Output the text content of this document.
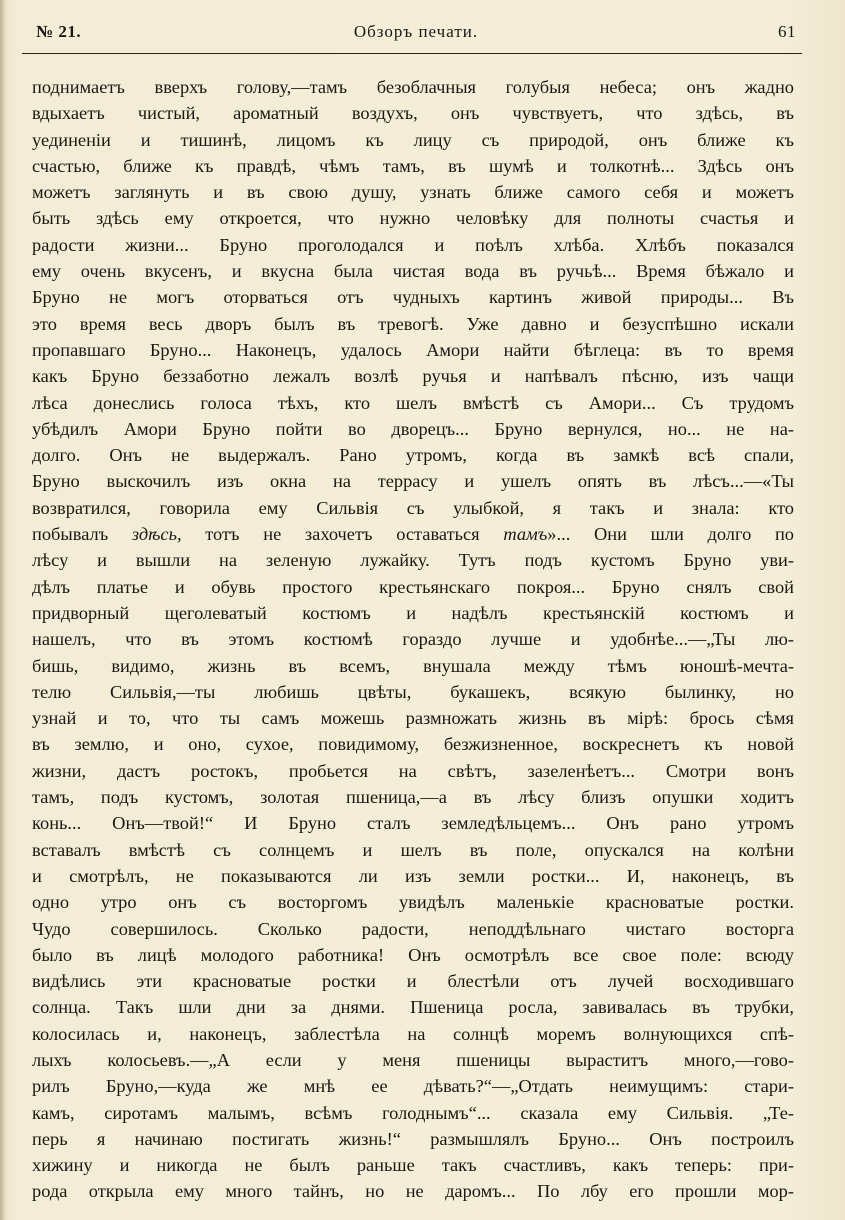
№ 21.	Обзоръ печати.	61
поднимаетъ вверхъ голову,—тамъ безоблачныя голубыя небеса; онъ жадно
вдыхаетъ чистый, ароматный воздухъ, онъ чувствуетъ, что здѣсь, въ
уединеніи и тишинѣ, лицомъ къ лицу съ природой, онъ ближе къ
счастью, ближе къ правдѣ, чѣмъ тамъ, въ шумѣ и толкотнѣ... Здѣсь онъ
можетъ заглянуть и въ свою душу, узнать ближе самого себя и можетъ
быть здѣсь ему откроется, что нужно человѣку для полноты счастья и
радости жизни... Бруно проголодался и поѣлъ хлѣба. Хлѣбъ показался
ему очень вкусенъ, и вкусна была чистая вода въ ручьѣ... Время бѣжало и
Бруно не могъ оторваться отъ чудныхъ картинъ живой природы... Въ
это время весь дворъ былъ въ тревогѣ. Уже давно и безуспѣшно искали
пропавшаго Бруно... Наконецъ, удалось Амори найти бѣглеца: въ то время
какъ Бруно беззаботно лежалъ возлѣ ручья и напѣвалъ пѣсню, изъ чащи
лѣса донеслись голоса тѣхъ, кто шелъ вмѣстѣ съ Амори... Съ трудомъ
убѣдилъ Амори Бруно пойти во дворецъ... Бруно вернулся, но... не на-
долго. Онъ не выдержалъ. Рано утромъ, когда въ замкѣ всѣ спали,
Бруно выскочилъ изъ окна на террасу и ушелъ опять въ лѣсъ...—«Ты
возвратился, говорила ему Сильвія съ улыбкой, я такъ и знала: кто
побывалъ здѣсь, тотъ не захочетъ оставаться тамъ»... Они шли долго по
лѣсу и вышли на зеленую лужайку. Тутъ подъ кустомъ Бруно уви-
дѣлъ платье и обувь простого крестьянскаго покроя... Бруно снялъ свой
придворный щеголеватый костюмъ и надѣлъ крестьянскій костюмъ и
нашелъ, что въ этомъ костюмѣ гораздо лучше и удобнѣе...—„Ты лю-
бишь, видимо, жизнь въ всемъ, внушала между тѣмъ юношѣ-мечта-
телю Сильвія,—ты любишь цвѣты, букашекъ, всякую былинку, но
узнай и то, что ты самъ можешь размножать жизнь въ мірѣ: брось сѣмя
въ землю, и оно, сухое, повидимому, безжизненное, воскреснетъ къ новой
жизни, дастъ ростокъ, пробьется на свѣтъ, зазеленѣетъ... Смотри вонъ
тамъ, подъ кустомъ, золотая пшеница,—а въ лѣсу близъ опушки ходитъ
конь... Онъ—твой!“ И Бруно сталъ земледѣльцемъ... Онъ рано утромъ
вставалъ вмѣстѣ съ солнцемъ и шелъ въ поле, опускался на колѣни
и смотрѣлъ, не показываются ли изъ земли ростки... И, наконецъ, въ
одно утро онъ съ восторгомъ увидѣлъ маленькіе красноватые ростки.
Чудо совершилось. Сколько радости, неподдѣльнаго чистаго восторга
было въ лицѣ молодого работника! Онъ осмотрѣлъ все свое поле: всюду
видѣлись эти красноватые ростки и блестѣли отъ лучей восходившаго
солнца. Такъ шли дни за днями. Пшеница росла, завивалась въ трубки,
колосилась и, наконецъ, заблестѣла на солнцѣ моремъ волнующихся спѣ-
лыхъ колосьевъ.—„А если у меня пшеницы выраститъ много,—гово-
рилъ Бруно,—куда же мнѣ ее дѣвать?“—„Отдать неимущимъ: стари-
камъ, сиротамъ малымъ, всѣмъ голоднымъ“... сказала ему Сильвія. „Те-
перь я начинаю постигать жизнь!“ размышлялъ Бруно... Онъ построилъ
хижину и никогда не былъ раньше такъ счастливъ, какъ теперь: при-
рода открыла ему много тайнъ, но не даромъ... По лбу его прошли мор-
